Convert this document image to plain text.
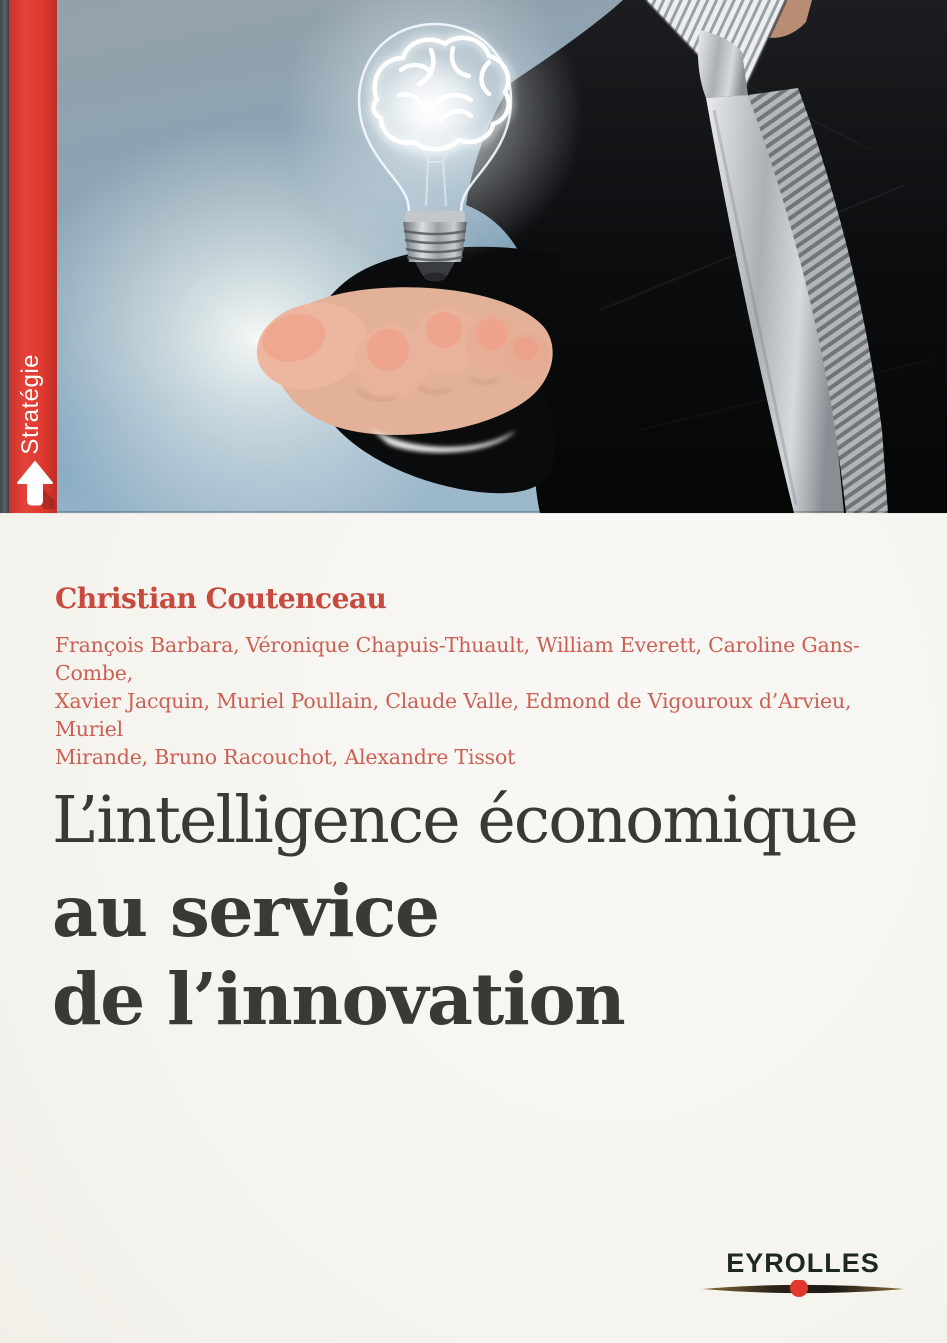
Stratégie
Christian Coutenceau
François Barbara, Véronique Chapuis-Thuault, William Everett, Caroline Gans-Combe,
Xavier Jacquin, Muriel Poullain, Claude Valle, Edmond de Vigouroux d’Arvieu, Muriel
Mirande, Bruno Racouchot, Alexandre Tissot
L’intelligence économique
au service
de l’innovation
EYROLLES
